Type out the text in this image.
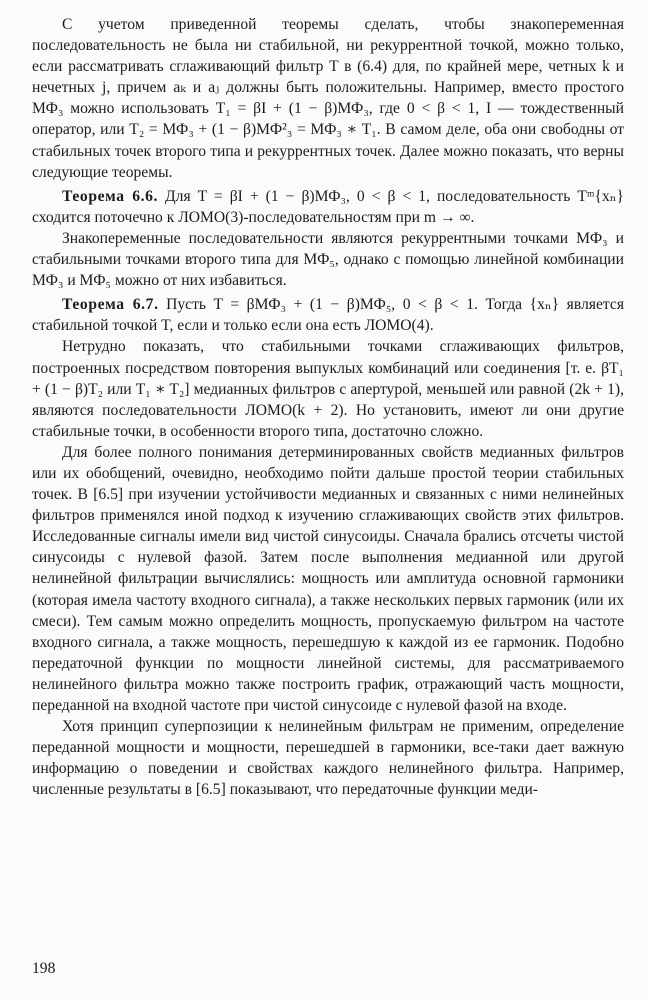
С учетом приведенной теоремы сделать, чтобы знакопеременная последовательность не была ни стабильной, ни рекуррентной точкой, можно только, если рассматривать сглаживающий фильтр T в (6.4) для, по крайней мере, четных k и нечетных j, причем aₖ и aⱼ должны быть положительны. Например, вместо простого МФ₃ можно использовать T₁ = βI + (1 − β)МФ₃, где 0 < β < 1, I — тождественный оператор, или T₂ = МФ₃ + (1 − β)МФ²₃ = МФ₃ ∗ T₁. В самом деле, оба они свободны от стабильных точек второго типа и рекуррентных точек. Далее можно показать, что верны следующие теоремы.

Теорема 6.6. Для T = βI + (1 − β)МФ₃, 0 < β < 1, последовательность Tᵐ{xₙ} сходится поточечно к ЛОМО(3)-последовательностям при m → ∞.

Знакопеременные последовательности являются рекуррентными точками МФ₃ и стабильными точками второго типа для МФ₅, однако с помощью линейной комбинации МФ₃ и МФ₅ можно от них избавиться.

Теорема 6.7. Пусть T = βМФ₃ + (1 − β)МФ₅, 0 < β < 1. Тогда {xₙ} является стабильной точкой T, если и только если она есть ЛОМО(4).

Нетрудно показать, что стабильными точками сглаживающих фильтров, построенных посредством повторения выпуклых комбинаций или соединения [т. е. βT₁ + (1 − β)T₂ или T₁ ∗ T₂] медианных фильтров с апертурой, меньшей или равной (2k + 1), являются последовательности ЛОМО(k + 2). Но установить, имеют ли они другие стабильные точки, в особенности второго типа, достаточно сложно.

Для более полного понимания детерминированных свойств медианных фильтров или их обобщений, очевидно, необходимо пойти дальше простой теории стабильных точек. В [6.5] при изучении устойчивости медианных и связанных с ними нелинейных фильтров применялся иной подход к изучению сглаживающих свойств этих фильтров. Исследованные сигналы имели вид чистой синусоиды. Сначала брались отсчеты чистой синусоиды с нулевой фазой. Затем после выполнения медианной или другой нелинейной фильтрации вычислялись: мощность или амплитуда основной гармоники (которая имела частоту входного сигнала), а также нескольких первых гармоник (или их смеси). Тем самым можно определить мощность, пропускаемую фильтром на частоте входного сигнала, а также мощность, перешедшую к каждой из ее гармоник. Подобно передаточной функции по мощности линейной системы, для рассматриваемого нелинейного фильтра можно также построить график, отражающий часть мощности, переданной на входной частоте при чистой синусоиде с нулевой фазой на входе.

Хотя принцип суперпозиции к нелинейным фильтрам не применим, определение переданной мощности и мощности, перешедшей в гармоники, все-таки дает важную информацию о поведении и свойствах каждого нелинейного фильтра. Например, численные результаты в [6.5] показывают, что передаточные функции меди-

198
